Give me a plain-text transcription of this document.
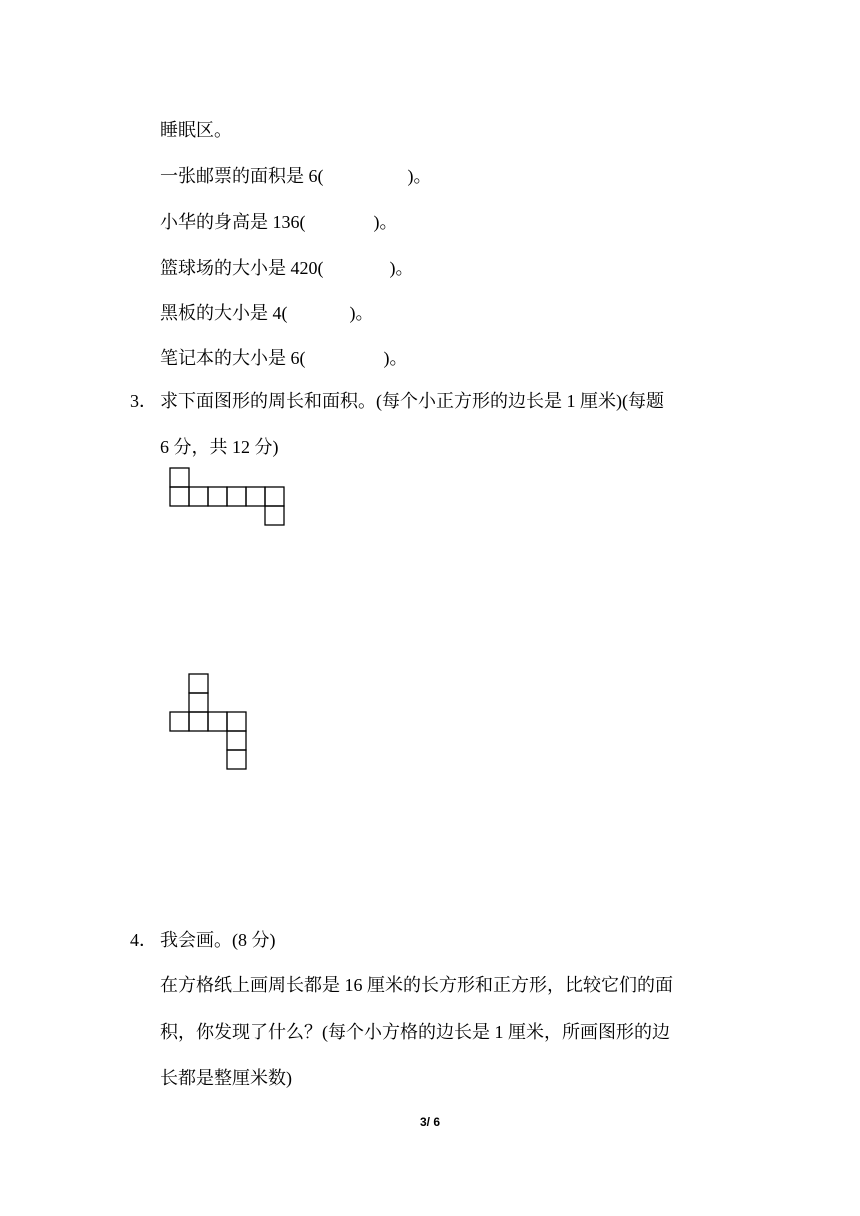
睡眠区。
一张邮票的面积是 6(	)。
小华的身高是 136(	)。
篮球场的大小是 420(	)。
黑板的大小是 4(	)。
笔记本的大小是 6(	)。
3． 求下面图形的周长和面积。(每个小正方形的边长是 1 厘米)(每题
6 分，共 12 分)
4． 我会画。(8 分)
在方格纸上画周长都是 16 厘米的长方形和正方形，比较它们的面
积，你发现了什么？(每个小方格的边长是 1 厘米，所画图形的边
长都是整厘米数)
3/ 6
